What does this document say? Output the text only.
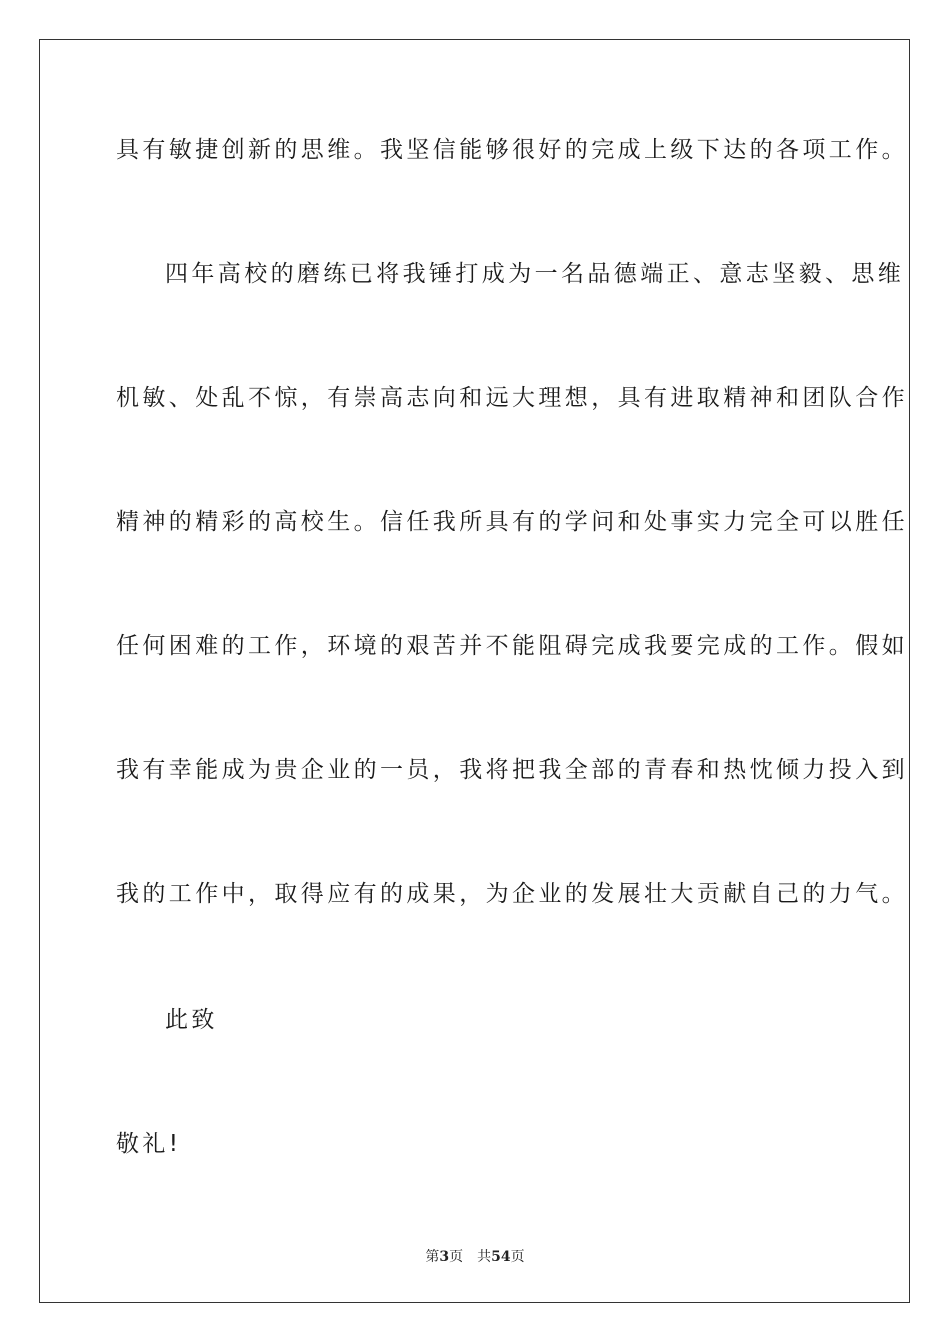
具有敏捷创新的思维。我坚信能够很好的完成上级下达的各项工作。
四年高校的磨练已将我锤打成为一名品德端正、意志坚毅、思维
机敏、处乱不惊，有崇高志向和远大理想，具有进取精神和团队合作
精神的精彩的高校生。信任我所具有的学问和处事实力完全可以胜任
任何困难的工作，环境的艰苦并不能阻碍完成我要完成的工作。假如
我有幸能成为贵企业的一员，我将把我全部的青春和热忱倾力投入到
我的工作中，取得应有的成果，为企业的发展壮大贡献自己的力气。
此致
敬礼!
第3页 共54页
